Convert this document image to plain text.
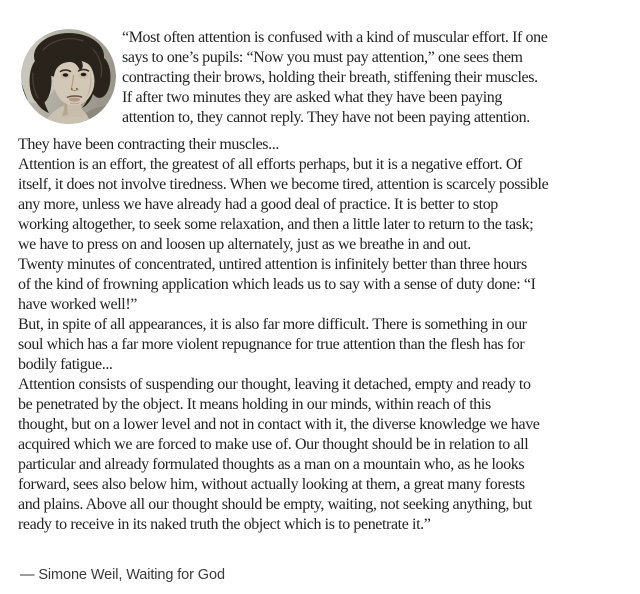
“Most often attention is confused with a kind of muscular effort. If one
says to one’s pupils: “Now you must pay attention,” one sees them
contracting their brows, holding their breath, stiffening their muscles.
If after two minutes they are asked what they have been paying
attention to, they cannot reply. They have not been paying attention.
They have been contracting their muscles...

Attention is an effort, the greatest of all efforts perhaps, but it is a negative effort. Of
itself, it does not involve tiredness. When we become tired, attention is scarcely possible
any more, unless we have already had a good deal of practice. It is better to stop
working altogether, to seek some relaxation, and then a little later to return to the task;
we have to press on and loosen up alternately, just as we breathe in and out.

Twenty minutes of concentrated, untired attention is infinitely better than three hours
of the kind of frowning application which leads us to say with a sense of duty done: “I
have worked well!”

But, in spite of all appearances, it is also far more difficult. There is something in our
soul which has a far more violent repugnance for true attention than the flesh has for
bodily fatigue...

Attention consists of suspending our thought, leaving it detached, empty and ready to
be penetrated by the object. It means holding in our minds, within reach of this
thought, but on a lower level and not in contact with it, the diverse knowledge we have
acquired which we are forced to make use of. Our thought should be in relation to all
particular and already formulated thoughts as a man on a mountain who, as he looks
forward, sees also below him, without actually looking at them, a great many forests
and plains. Above all our thought should be empty, waiting, not seeking anything, but
ready to receive in its naked truth the object which is to penetrate it.”

— Simone Weil, Waiting for God
